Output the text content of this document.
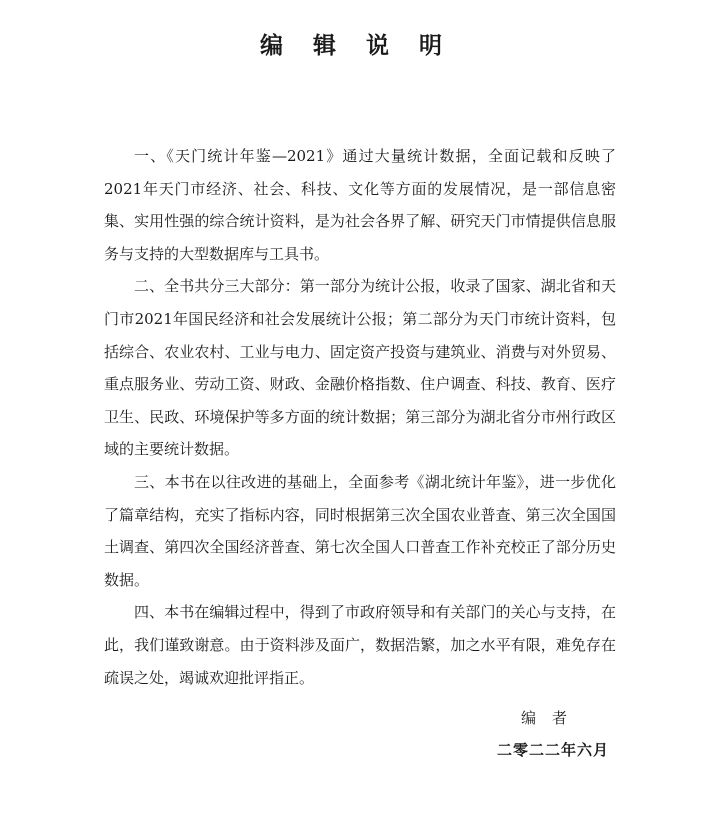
编 辑 说 明

一、《天门统计年鉴—2021》通过大量统计数据，全面记载和反映了2021年天门市经济、社会、科技、文化等方面的发展情况，是一部信息密集、实用性强的综合统计资料，是为社会各界了解、研究天门市情提供信息服务与支持的大型数据库与工具书。

二、全书共分三大部分：第一部分为统计公报，收录了国家、湖北省和天门市2021年国民经济和社会发展统计公报；第二部分为天门市统计资料，包括综合、农业农村、工业与电力、固定资产投资与建筑业、消费与对外贸易、重点服务业、劳动工资、财政、金融价格指数、住户调查、科技、教育、医疗卫生、民政、环境保护等多方面的统计数据；第三部分为湖北省分市州行政区域的主要统计数据。

三、本书在以往改进的基础上，全面参考《湖北统计年鉴》，进一步优化了篇章结构，充实了指标内容，同时根据第三次全国农业普查、第三次全国国土调查、第四次全国经济普查、第七次全国人口普查工作补充校正了部分历史数据。

四、本书在编辑过程中，得到了市政府领导和有关部门的关心与支持，在此，我们谨致谢意。由于资料涉及面广，数据浩繁，加之水平有限，难免存在疏误之处，竭诚欢迎批评指正。

编者
二零二二年六月
